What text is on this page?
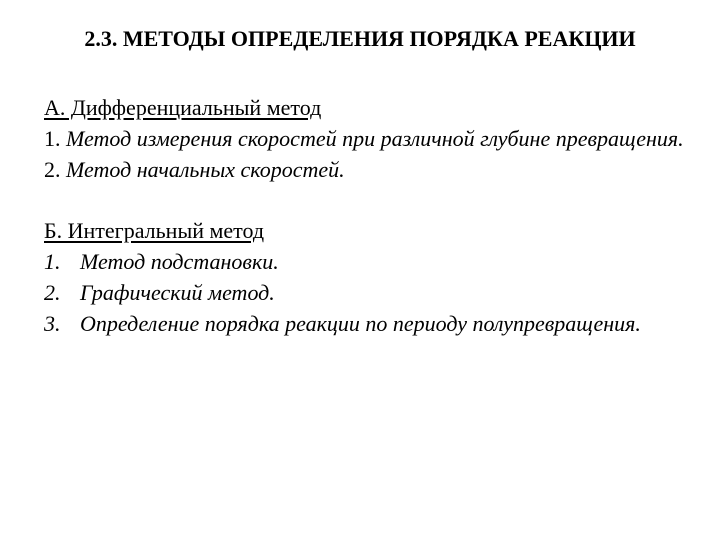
2.3. МЕТОДЫ ОПРЕДЕЛЕНИЯ ПОРЯДКА РЕАКЦИИ
А. Дифференциальный метод
1. Метод измерения скоростей при различной глубине превращения.
2. Метод начальных скоростей.
Б. Интегральный метод
1. Метод подстановки.
2. Графический метод.
3. Определение порядка реакции по периоду полупревращения.
